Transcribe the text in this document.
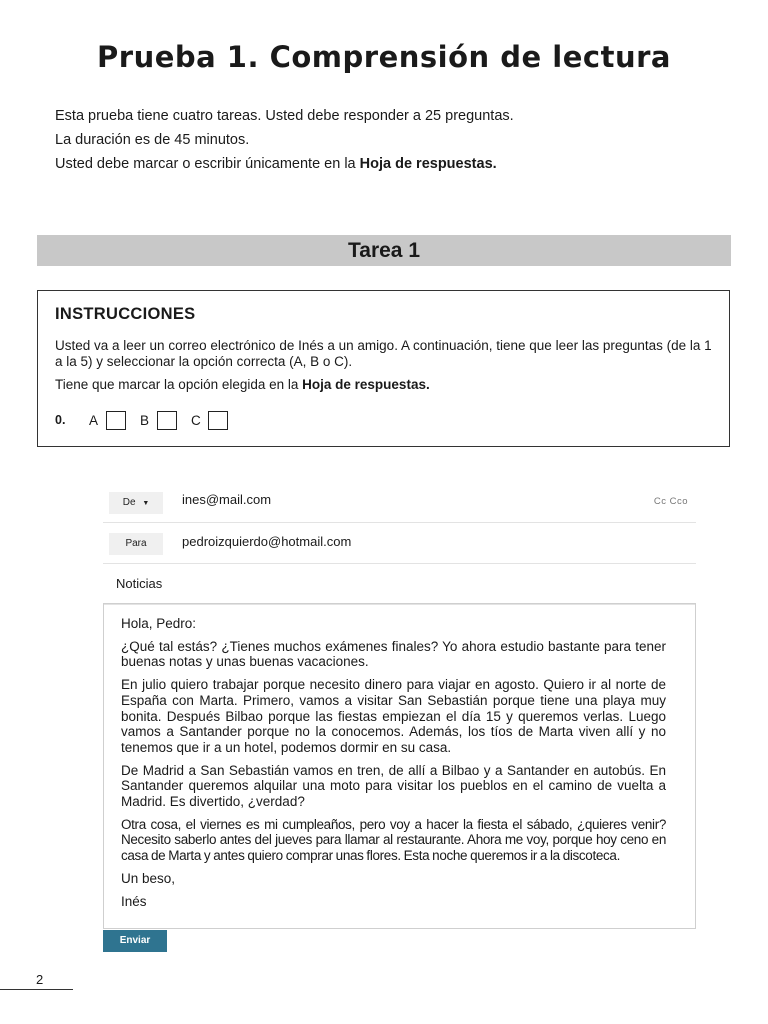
Prueba 1. Comprensión de lectura

Esta prueba tiene cuatro tareas. Usted debe responder a 25 preguntas.

La duración es de 45 minutos.

Usted debe marcar o escribir únicamente en la Hoja de respuestas.

Tarea 1
INSTRUCCIONES

Usted va a leer un correo electrónico de Inés a un amigo. A continuación, tiene que leer las preguntas (de la 1 a la 5) y seleccionar la opción correcta (A, B o C).

Tiene que marcar la opción elegida en la Hoja de respuestas.

0.	A	B	C
De ▼	ines@mail.com	Cc Cco
Para	pedroizquierdo@hotmail.com
Noticias

Hola, Pedro:

¿Qué tal estás? ¿Tienes muchos exámenes finales? Yo ahora estudio bastante para tener buenas notas y unas buenas vacaciones.

En julio quiero trabajar porque necesito dinero para viajar en agosto. Quiero ir al norte de España con Marta. Primero, vamos a visitar San Sebastián porque tiene una playa muy bonita. Después Bilbao porque las fiestas empiezan el día 15 y queremos verlas. Luego vamos a Santander porque no la conocemos. Además, los tíos de Marta viven allí y no tenemos que ir a un hotel, podemos dormir en su casa.

De Madrid a San Sebastián vamos en tren, de allí a Bilbao y a Santander en autobús. En Santander queremos alquilar una moto para visitar los pueblos en el camino de vuelta a Madrid. Es divertido, ¿verdad?

Otra cosa, el viernes es mi cumpleaños, pero voy a hacer la fiesta el sábado, ¿quieres venir? Necesito saberlo antes del jueves para llamar al restaurante. Ahora me voy, porque hoy ceno en casa de Marta y antes quiero comprar unas flores. Esta noche queremos ir a la discoteca.

Un beso,

Inés

Enviar
2
